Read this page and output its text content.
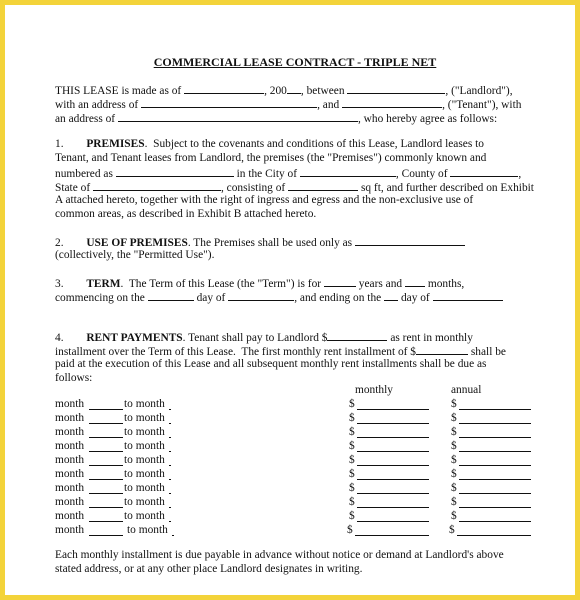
COMMERCIAL LEASE CONTRACT - TRIPLE NET
THIS LEASE is made as of	, 200 , between	, ("Landlord"),
with an address of	, and	, ("Tenant"), with
an address of	, who hereby agree as follows:
1. PREMISES.  Subject to the covenants and conditions of this Lease, Landlord leases to
Tenant, and Tenant leases from Landlord, the premises (the "Premises") commonly known and
numbered as	in the City of	, County of	,
State of	, consisting of	sq ft, and further described on Exhibit
A attached hereto, together with the right of ingress and egress and the non-exclusive use of
common areas, as described in Exhibit B attached hereto.
2. USE OF PREMISES. The Premises shall be used only as
(collectively, the "Permitted Use").
3. TERM.  The Term of this Lease (the "Term") is for	years and months,
commencing on the	day of	, and ending on the day of
4. RENT PAYMENTS. Tenant shall pay to Landlord $	as rent in monthly
installment over the Term of this Lease.  The first monthly rent installment of $	shall be
paid at the execution of this Lease and all subsequent monthly rent installments shall be due as
follows:
monthly	annual
month	to month	$	$
month	to month	$	$
month	to month	$	$
month	to month	$	$
month	to month	$	$
month	to month	$	$
month	to month	$	$
month	to month	$	$
month	to month	$	$
month	to month	$	$
Each monthly installment is due payable in advance without notice or demand at Landlord's above
stated address, or at any other place Landlord designates in writing.
